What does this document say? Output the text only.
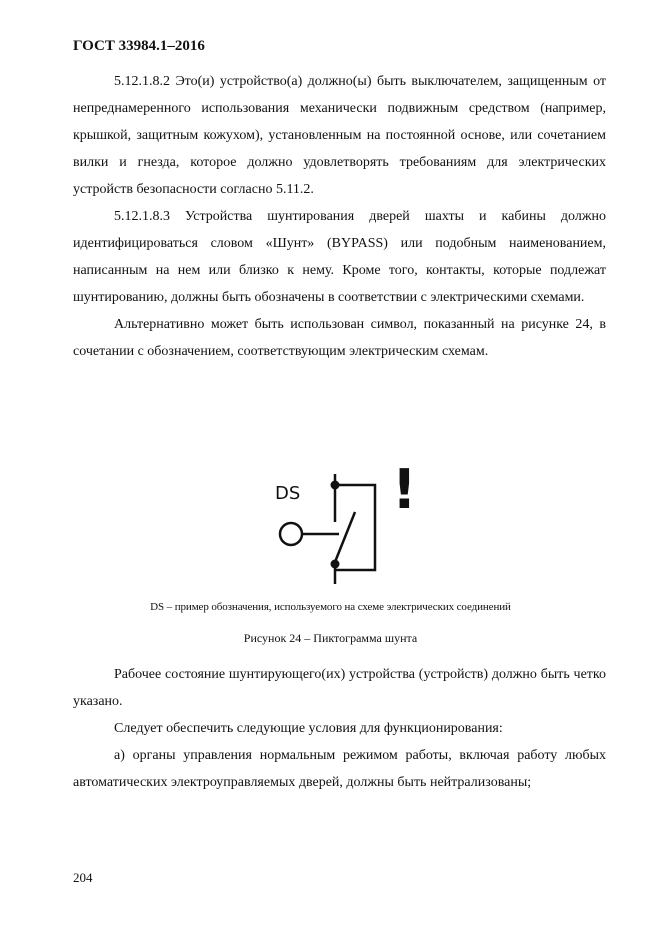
ГОСТ 33984.1–2016

5.12.1.8.2 Это(и) устройство(а) должно(ы) быть выключателем, защищенным от непреднамеренного использования механически подвижным средством (например, крышкой, защитным кожухом), установленным на постоянной основе, или сочетанием вилки и гнезда, которое должно удовлетворять требованиям для электрических устройств безопасности согласно 5.11.2.

5.12.1.8.3 Устройства шунтирования дверей шахты и кабины должно идентифицироваться словом «Шунт» (BYPASS) или подобным наименованием, написанным на нем или близко к нему. Кроме того, контакты, которые подлежат шунтированию, должны быть обозначены в соответствии с электрическими схемами.

Альтернативно может быть использован символ, показанный на рисунке 24, в сочетании с обозначением, соответствующим электрическим схемам.

DS !
DS – пример обозначения, используемого на схеме электрических соединений
Рисунок 24 – Пиктограмма шунта

Рабочее состояние шунтирующего(их) устройства (устройств) должно быть четко указано.

Следует обеспечить следующие условия для функционирования:

а) органы управления нормальным режимом работы, включая работу любых автоматических электроуправляемых дверей, должны быть нейтрализованы;

204
